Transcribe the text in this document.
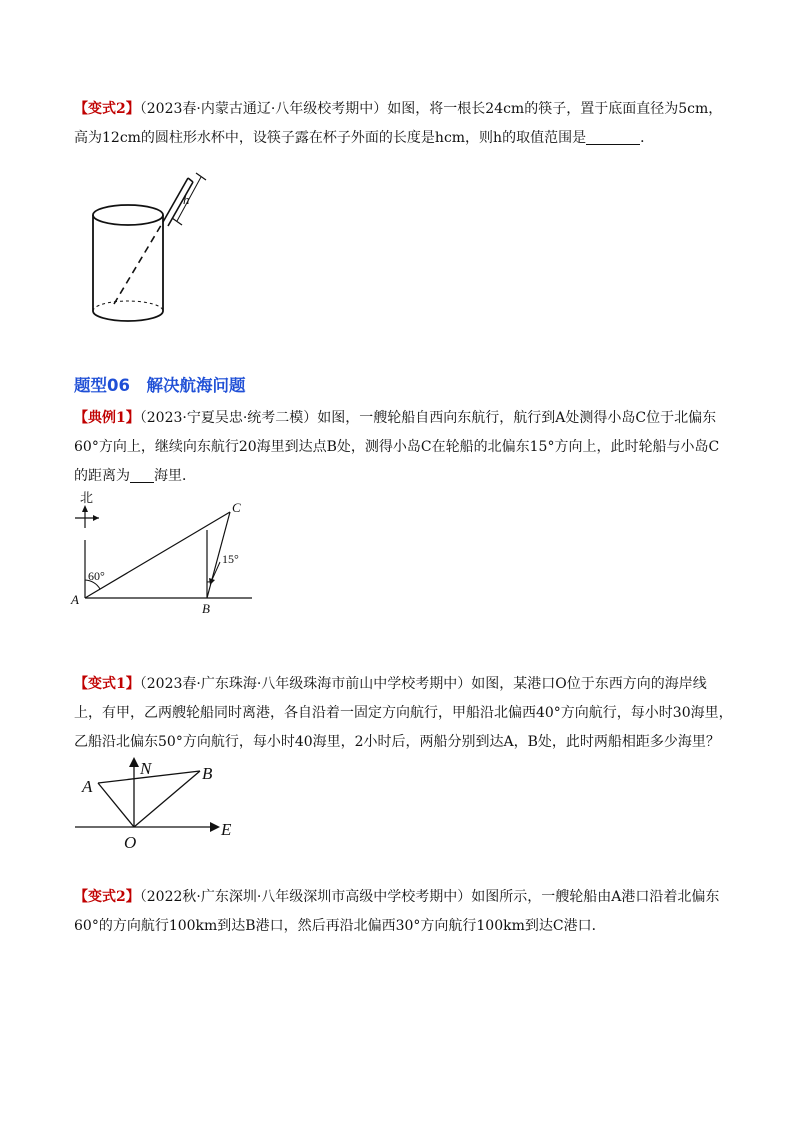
【变式2】（2023春·内蒙古通辽·八年级校考期中）如图，将一根长24cm的筷子，置于底面直径为5cm，

高为12cm的圆柱形水杯中，设筷子露在杯子外面的长度是hcm，则h的取值范围是	．

h
题型06　解决航海问题

【典例1】（2023·宁夏吴忠·统考二模）如图，一艘轮船自西向东航行，航行到A处测得小岛C位于北偏东

60°方向上，继续向东航行20海里到达点B处，测得小岛C在轮船的北偏东15°方向上，此时轮船与小岛C

的距离为 海里．

北
60°
15°
A
B
C

【变式1】（2023春·广东珠海·八年级珠海市前山中学校考期中）如图，某港口O位于东西方向的海岸线

上，有甲，乙两艘轮船同时离港，各自沿着一固定方向航行，甲船沿北偏西40°方向航行，每小时30海里，

乙船沿北偏东50°方向航行，每小时40海里，2小时后，两船分别到达A，B处，此时两船相距多少海里？

A
N	B
O
E

【变式2】（2022秋·广东深圳·八年级深圳市高级中学校考期中）如图所示，一艘轮船由A港口沿着北偏东

60°的方向航行100km到达B港口，然后再沿北偏西30°方向航行100km到达C港口．
